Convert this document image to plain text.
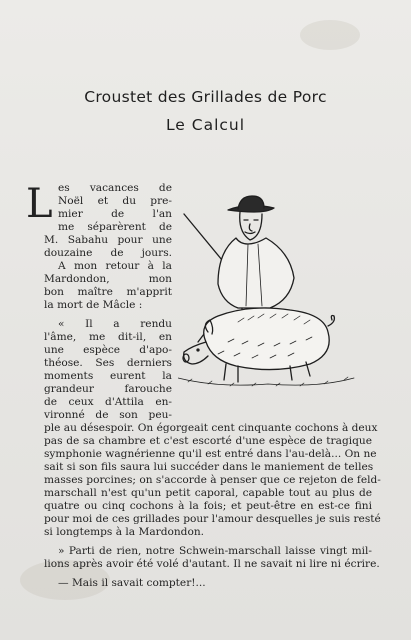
Croustet des Grillades de Porc
Le Calcul
L es vacances de
Noël et du pre-
mier de l'an
me séparèrent de
M. Sabahu pour une
douzaine de jours.
A mon retour à la
Mardondon, mon
bon maître m'apprit
la mort de Mâcle :
« Il a rendu
l'âme, me dit-il, en
une espèce d'apo-
théose. Ses derniers
moments eurent la
grandeur farouche
de ceux d'Attila en-
vironné de son peu-
ple au désespoir. On égorgeait cent cinquante cochons à deux
pas de sa chambre et c'est escorté d'une espèce de tragique
symphonie wagnérienne qu'il est entré dans l'au-delà... On ne
sait si son fils saura lui succéder dans le maniement de telles
masses porcines; on s'accorde à penser que ce rejeton de feld-
marschall n'est qu'un petit caporal, capable tout au plus de
quatre ou cinq cochons à la fois; et peut-être en est-ce fini
pour moi de ces grillades pour l'amour desquelles je suis resté
si longtemps à la Mardondon.
» Parti de rien, notre Schwein-marschall laisse vingt mil-
lions après avoir été volé d'autant. Il ne savait ni lire ni écrire.
— Mais il savait compter!...
